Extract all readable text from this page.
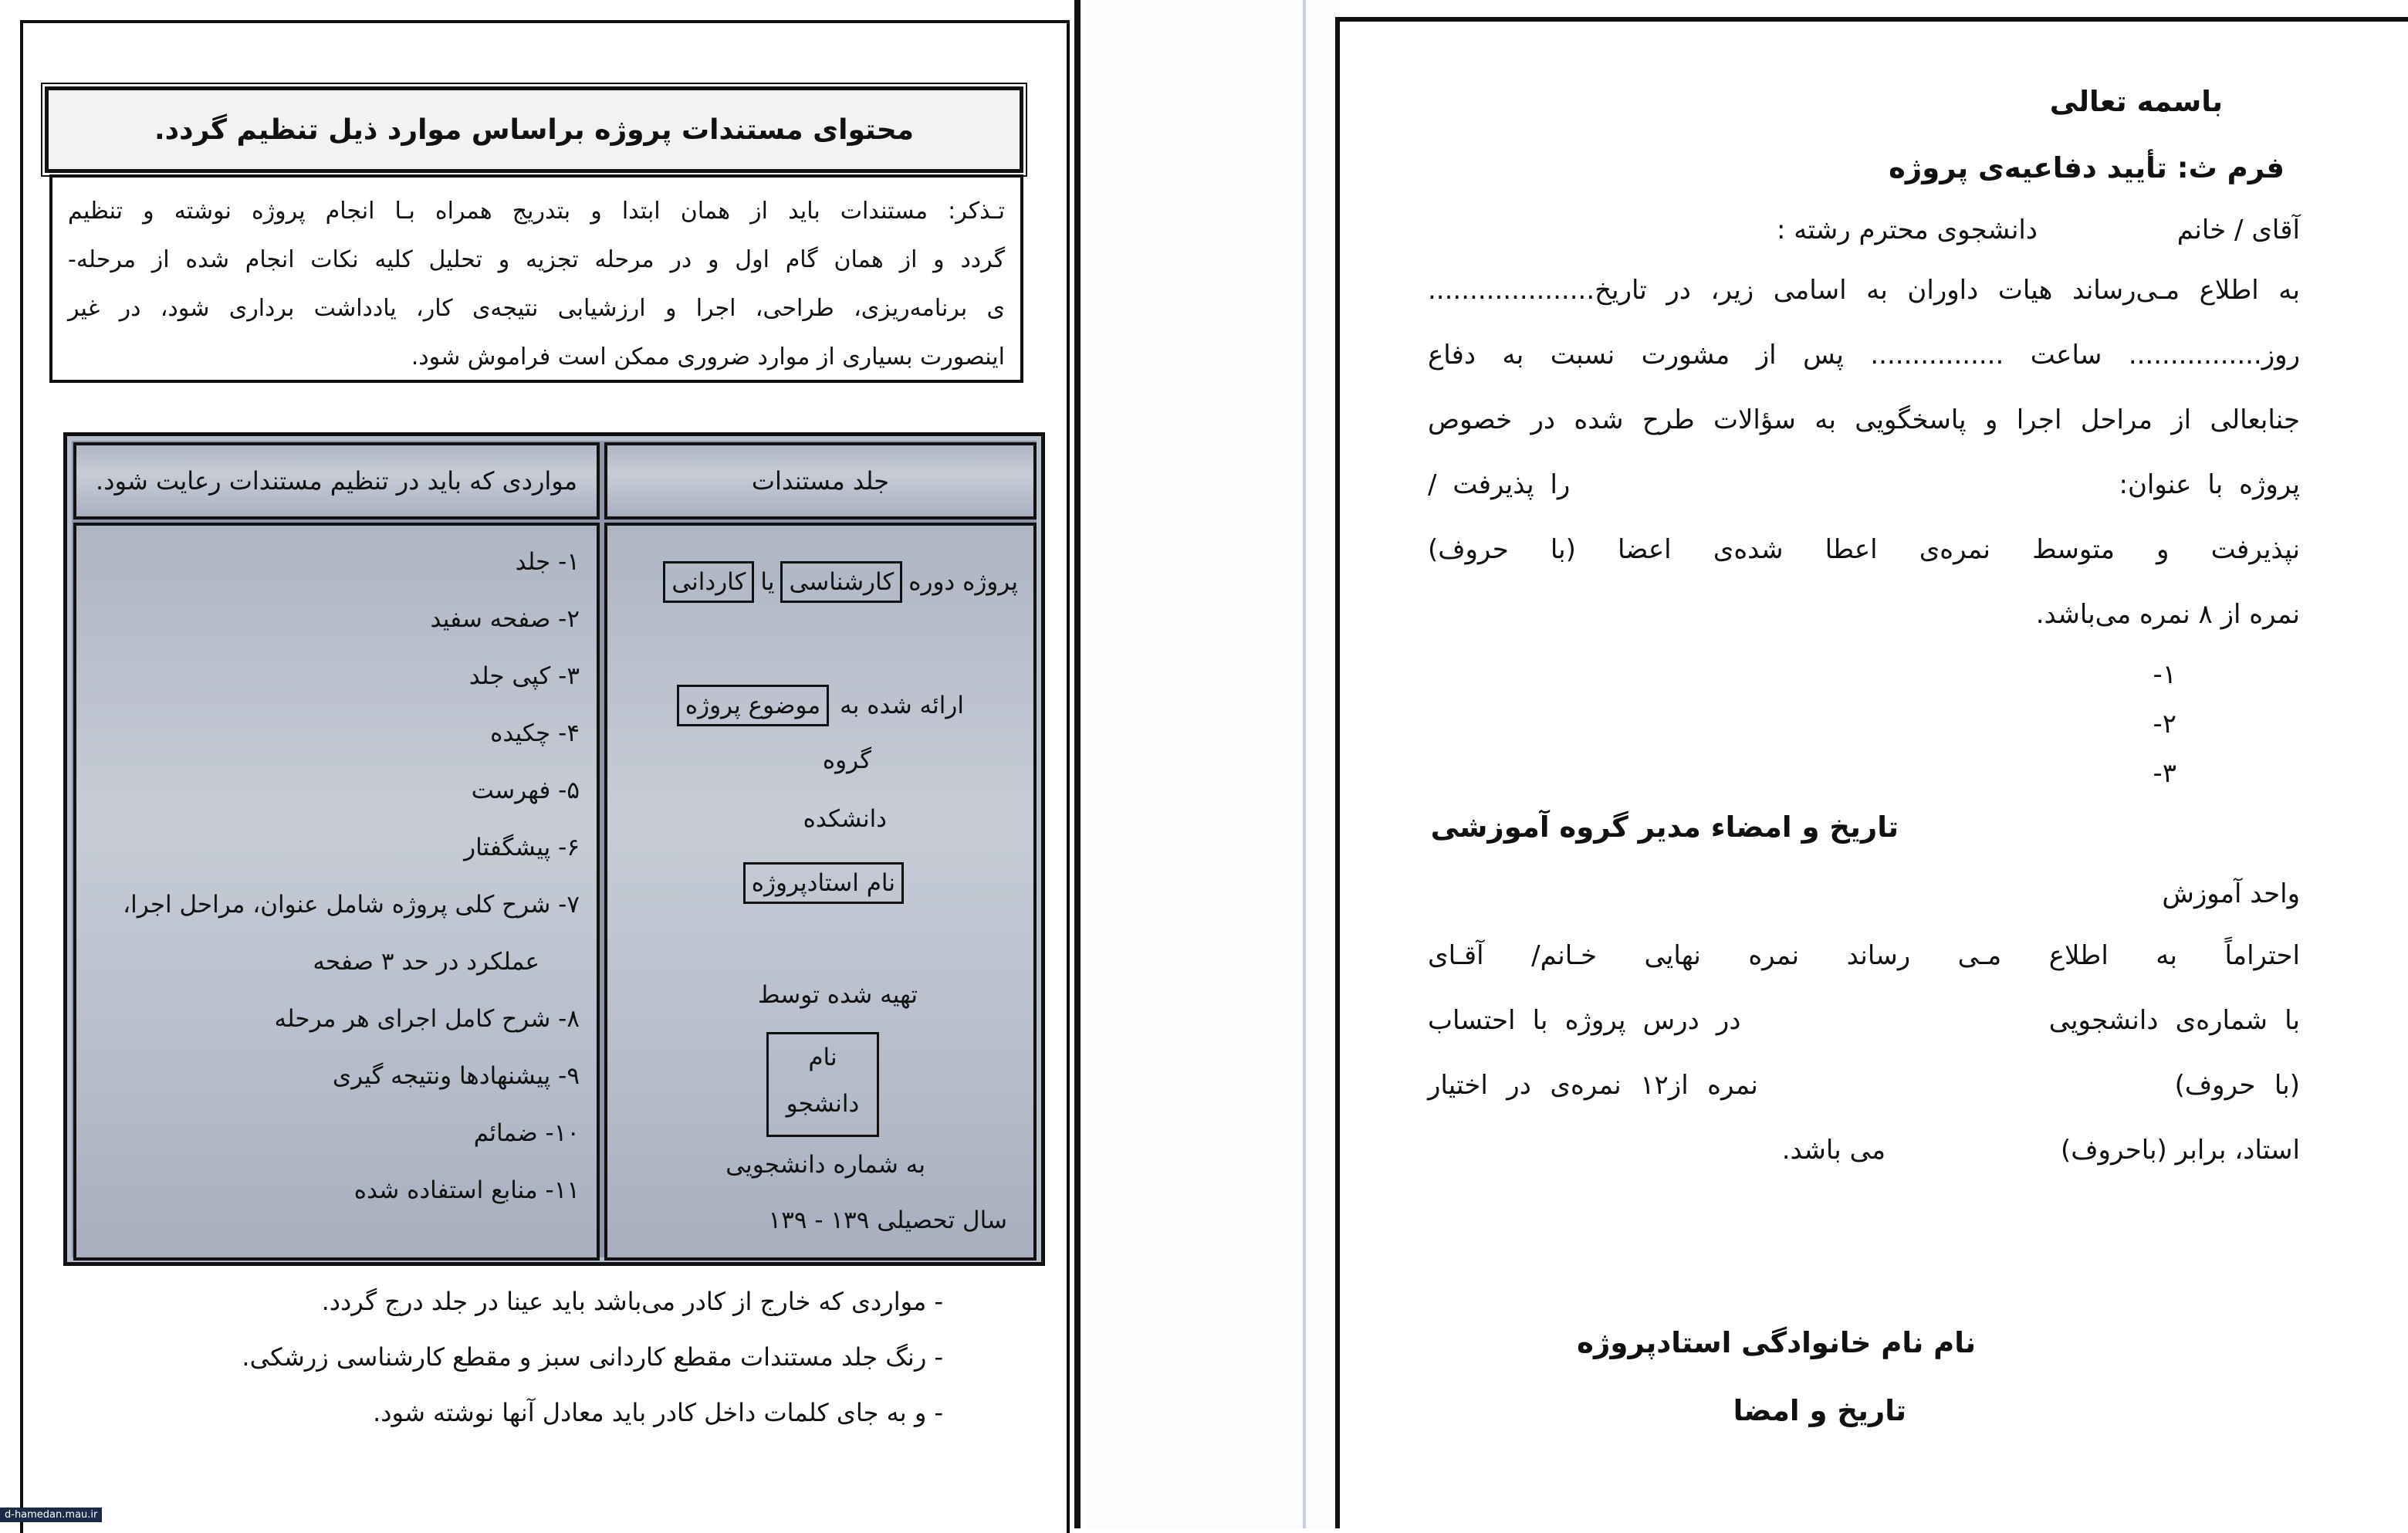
محتوای مستندات پروژه براساس موارد ذیل تنظیم گردد.
تـذکر: مستندات باید از همان ابتدا و بتدریج همراه بـا انجام پروژه نوشته و تنظیم
گردد و از همان گام اول و در مرحله تجزیه و تحلیل کلیه نکات انجام شده از مرحله-
ی برنامه‌ریزی، طراحی، اجرا و ارزشیابی نتیجه‌ی کار، یادداشت برداری شود، در غیر
اینصورت بسیاری از موارد ضروری ممکن است فراموش شود.
جلد مستندات
مواردی که باید در تنظیم مستندات رعایت شود.
پروژه دوره
کارشناسی
یا
کاردانی
ارائه شده به
موضوع پروژه
گروه
دانشکده
نام استادپروژه
تهیه شده توسط
نام
دانشجو
به شماره دانشجویی
سال تحصیلی ۱۳۹ - ۱۳۹
۱- جلد
۲- صفحه سفید
۳- کپی جلد
۴- چکیده
۵- فهرست
۶- پیشگفتار
۷- شرح کلی پروژه شامل عنوان، مراحل اجرا،
عملکرد در حد ۳ صفحه
۸- شرح کامل اجرای هر مرحله
۹- پیشنهادها ونتیجه گیری
۱۰- ضمائم
۱۱- منابع استفاده شده
- مواردی که خارج از کادر می‌باشد باید عینا در جلد درج گردد.
- رنگ جلد مستندات مقطع کاردانی سبز و مقطع کارشناسی زرشکی.
- و به جای کلمات داخل کادر باید معادل آنها نوشته شود.
d-hamedan.mau.ir
باسمه تعالی
فرم ث: تأیید دفاعیه‌ی پروژه
آقای / خانم
دانشجوی محترم رشته :
به اطلاع مـی‌رساند هیات داوران به اسامی زیر، در تاریخ....................
روز................ ساعت ................ پس از مشورت نسبت به دفاع
جنابعالی از مراحل اجرا و پاسخگویی به سؤالات طرح شده در خصوص
پروژه با عنوان:                                  را پذیرفت /
نپذیرفت و متوسط نمره‌ی اعطا شده‌ی اعضا (با حروف)
نمره از ۸ نمره می‌باشد.
۱-
۲-
۳-
تاریخ و امضاء مدیر گروه آموزشی
واحد آموزش
احتراماً به اطلاع مـی رساند نمره نهایی خـانم/ آقـای
با شماره‌ی دانشجویی                  در درس پروژه با احتساب
(با حروف)                      نمره از۱۲ نمره‌ی در اختیار
استاد، برابر (باحروف)                     می باشد.
نام نام خانوادگی استادپروژه
تاریخ و امضا
